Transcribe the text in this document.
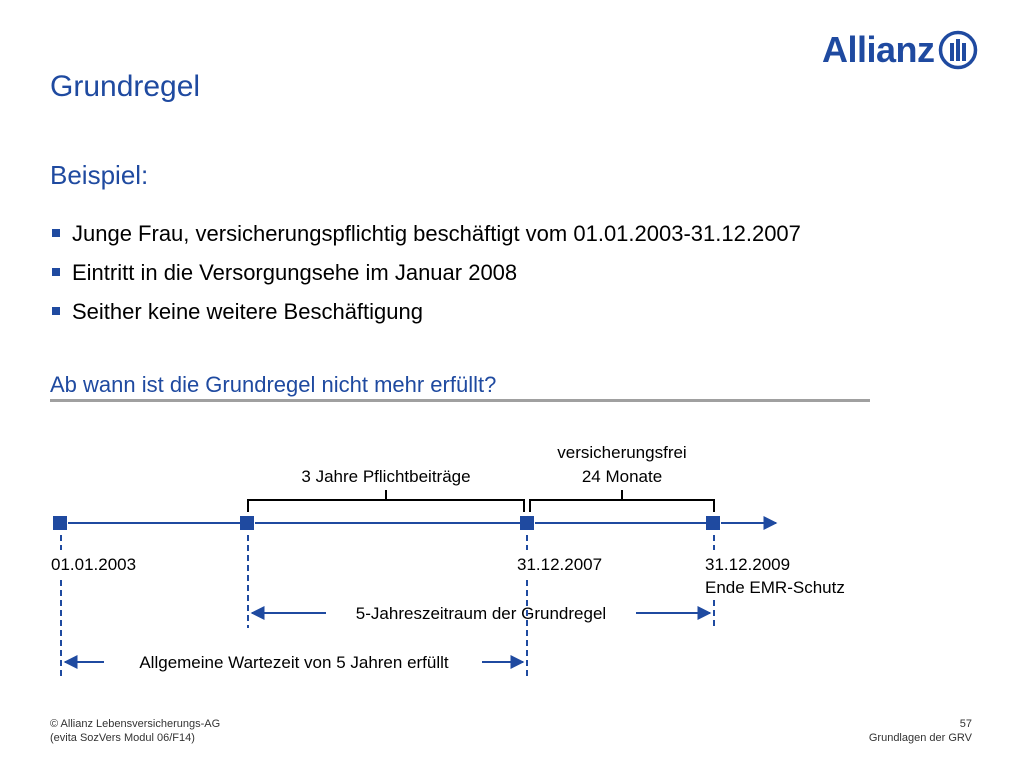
Allianz
Grundregel
Beispiel:
Junge Frau, versicherungspflichtig beschäftigt vom 01.01.2003-31.12.2007
Eintritt in die Versorgungsehe im Januar 2008
Seither keine weitere Beschäftigung
Ab wann ist die Grundregel nicht mehr erfüllt?
3 Jahre Pflichtbeiträge
versicherungsfrei
24 Monate
01.01.2003	31.12.2007	31.12.2009
Ende EMR-Schutz
5-Jahreszeitraum der Grundregel
Allgemeine Wartezeit von 5 Jahren erfüllt
© Allianz Lebensversicherungs-AG
(evita SozVers Modul 06/F14)
57
Grundlagen der GRV
